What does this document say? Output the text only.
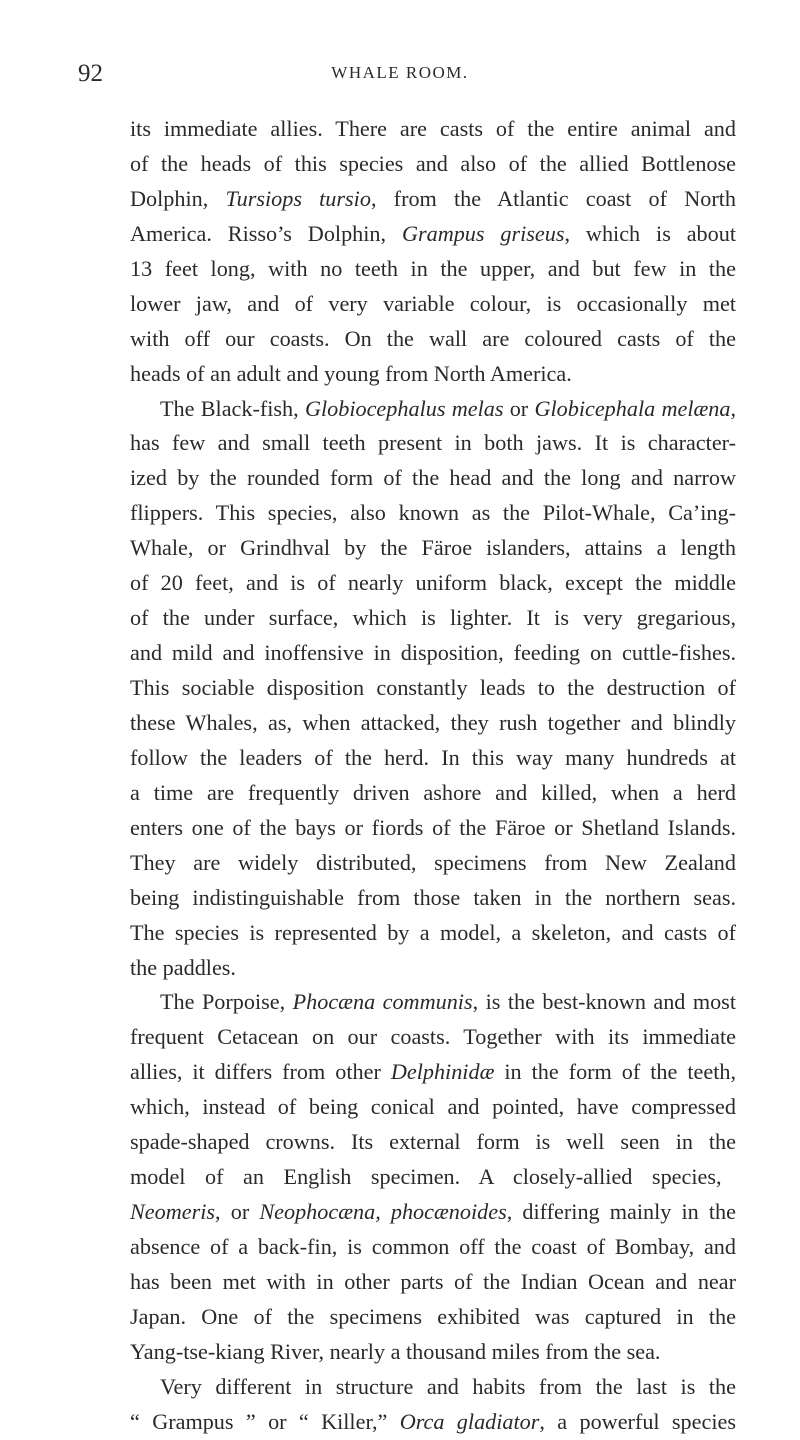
92	WHALE ROOM.
its immediate allies. There are casts of the entire animal and
of the heads of this species and also of the allied Bottlenose
Dolphin, Tursiops tursio, from the Atlantic coast of North
America. Risso’s Dolphin, Grampus griseus, which is about
13 feet long, with no teeth in the upper, and but few in the
lower jaw, and of very variable colour, is occasionally met
with off our coasts. On the wall are coloured casts of the
heads of an adult and young from North America.
The Black-fish, Globiocephalus melas or Globicephala melæna,
has few and small teeth present in both jaws. It is character-
ized by the rounded form of the head and the long and narrow
flippers. This species, also known as the Pilot-Whale, Ca’ing-
Whale, or Grindhval by the Färoe islanders, attains a length
of 20 feet, and is of nearly uniform black, except the middle
of the under surface, which is lighter. It is very gregarious,
and mild and inoffensive in disposition, feeding on cuttle-fishes.
This sociable disposition constantly leads to the destruction of
these Whales, as, when attacked, they rush together and blindly
follow the leaders of the herd. In this way many hundreds at
a time are frequently driven ashore and killed, when a herd
enters one of the bays or fiords of the Färoe or Shetland Islands.
They are widely distributed, specimens from New Zealand
being indistinguishable from those taken in the northern seas.
The species is represented by a model, a skeleton, and casts of
the paddles.
The Porpoise, Phocæna communis, is the best-known and most
frequent Cetacean on our coasts. Together with its immediate
allies, it differs from other Delphinidæ in the form of the teeth,
which, instead of being conical and pointed, have compressed
spade-shaped crowns. Its external form is well seen in the
model of an English specimen. A closely-allied species,
Neomeris, or Neophocæna, phocænoides, differing mainly in the
absence of a back-fin, is common off the coast of Bombay, and
has been met with in other parts of the Indian Ocean and near
Japan. One of the specimens exhibited was captured in the
Yang-tse-kiang River, nearly a thousand miles from the sea.
Very different in structure and habits from the last is the
“ Grampus ” or “ Killer,” Orca gladiator, a powerful species
